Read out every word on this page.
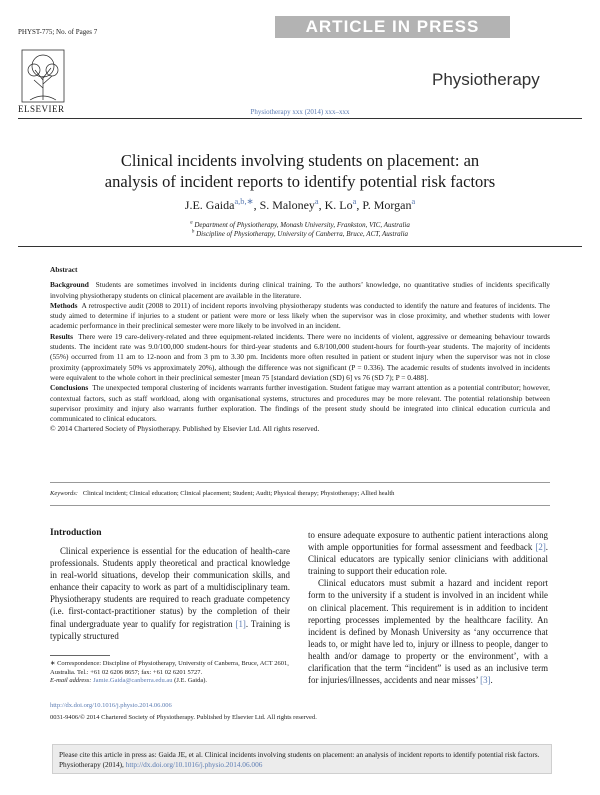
PHYST-775; No. of Pages 7	ARTICLE IN PRESS
ELSEVIER	Physiotherapy xxx (2014) xxx–xxx
Physiotherapy
Clinical incidents involving students on placement: an
analysis of incident reports to identify potential risk factors
J.E. Gaida$^{a,b,∗}$, S. Maloney$^a$, K. Lo$^a$, P. Morgan$^a$
$^a$ Department of Physiotherapy, Monash University, Frankston, VIC, Australia
$^b$ Discipline of Physiotherapy, University of Canberra, Bruce, ACT, Australia

Abstract

Background Students are sometimes involved in incidents during clinical training. To the authors’ knowledge, no quantitative studies of incidents specifically involving physiotherapy students on clinical placement are available in the literature.

Methods A retrospective audit (2008 to 2011) of incident reports involving physiotherapy students was conducted to identify the nature and features of incidents. The study aimed to determine if injuries to a student or patient were more or less likely when the supervisor was in close proximity, and whether students with lower academic performance in their preclinical semester were more likely to be involved in an incident.

Results There were 19 care-delivery-related and three equipment-related incidents. There were no incidents of violent, aggressive or demeaning behaviour towards students. The incident rate was 9.0/100,000 student-hours for third-year students and 6.8/100,000 student-hours for fourth-year students. The majority of incidents (55%) occurred from 11 am to 12-noon and from 3 pm to 3.30 pm. Incidents more often resulted in patient or student injury when the supervisor was not in close proximity (approximately 50% vs approximately 20%), although the difference was not significant (P = 0.336). The academic results of students involved in incidents were equivalent to the whole cohort in their preclinical semester [mean 75 [standard deviation (SD) 6] vs 76 (SD 7); P = 0.488].

Conclusions The unexpected temporal clustering of incidents warrants further investigation. Student fatigue may warrant attention as a potential contributor; however, contextual factors, such as staff workload, along with organisational systems, structures and procedures may be more relevant. The potential relationship between supervisor proximity and injury also warrants further exploration. The findings of the present study should be integrated into clinical education curricula and communicated to clinical educators.

© 2014 Chartered Society of Physiotherapy. Published by Elsevier Ltd. All rights reserved.

Keywords: Clinical incident; Clinical education; Clinical placement; Student; Audit; Physical therapy; Physiotherapy; Allied health
Introduction

Clinical experience is essential for the education of health-care professionals. Students apply theoretical and practical knowledge in real-world situations, develop their communication skills, and enhance their capacity to work as part of a multidisciplinary team. Physiotherapy students are required to reach graduate competency (i.e. first-contact-practitioner status) by the completion of their final undergraduate year to qualify for registration [1]. Training is typically structured

to ensure adequate exposure to authentic patient interactions along with ample opportunities for formal assessment and feedback [2]. Clinical educators are typically senior clinicians with additional training to support their education role.

Clinical educators must submit a hazard and incident report form to the university if a student is involved in an incident while on clinical placement. This requirement is in addition to incident reporting processes implemented by the healthcare facility. An incident is defined by Monash University as ‘any occurrence that leads to, or might have led to, injury or illness to people, danger to health and/or damage to property or the environment’, with a clarification that the term “incident” is used as an inclusive term for injuries/illnesses, accidents and near misses’ [3].

∗ Correspondence: Discipline of Physiotherapy, University of Canberra, Bruce, ACT 2601, Australia. Tel.: +61 02 6206 8657; fax: +61 02 6201 5727.

E-mail address: Jamie.Gaida@canberra.edu.au (J.E. Gaida).

http://dx.doi.org/10.1016/j.physio.2014.06.006
0031-9406/© 2014 Chartered Society of Physiotherapy. Published by Elsevier Ltd. All rights reserved.
Please cite this article in press as: Gaida JE, et al. Clinical incidents involving students on placement: an analysis of incident reports to identify potential risk factors. Physiotherapy (2014), http://dx.doi.org/10.1016/j.physio.2014.06.006
